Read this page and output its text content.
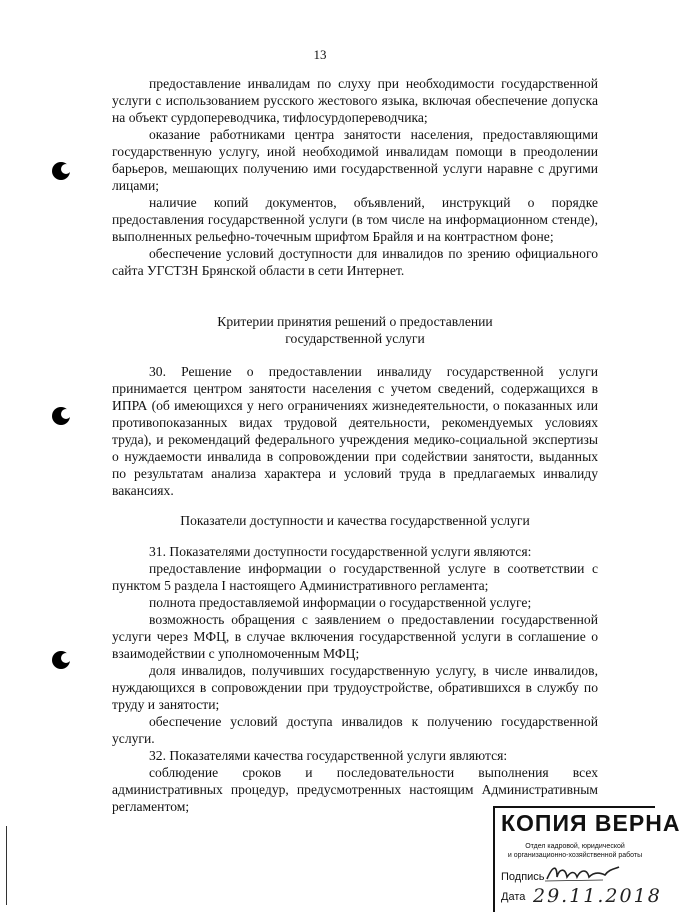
13

предоставление инвалидам по слуху при необходимости государственной услуги с использованием русского жестового языка, включая обеспечение допуска на объект сурдопереводчика, тифлосурдопереводчика;

оказание работниками центра занятости населения, предоставляющими государственную услугу, иной необходимой инвалидам помощи в преодолении барьеров, мешающих получению ими государственной услуги наравне с другими лицами;

наличие копий документов, объявлений, инструкций о порядке предоставления государственной услуги (в том числе на информационном стенде), выполненных рельефно-точечным шрифтом Брайля и на контрастном фоне;

обеспечение условий доступности для инвалидов по зрению официального сайта УГСТЗН Брянской области в сети Интернет.

Критерии принятия решений о предоставлении
государственной услуги

30. Решение о предоставлении инвалиду государственной услуги принимается центром занятости населения с учетом сведений, содержащихся в ИПРА (об имеющихся у него ограничениях жизнедеятельности, о показанных или противопоказанных видах трудовой деятельности, рекомендуемых условиях труда), и рекомендаций федерального учреждения медико-социальной экспертизы о нуждаемости инвалида в сопровождении при содействии занятости, выданных по результатам анализа характера и условий труда в предлагаемых инвалиду вакансиях.

Показатели доступности и качества государственной услуги

31. Показателями доступности государственной услуги являются:

предоставление информации о государственной услуге в соответствии с пунктом 5 раздела I настоящего Административного регламента;

полнота предоставляемой информации о государственной услуге;

возможность обращения с заявлением о предоставлении государственной услуги через МФЦ, в случае включения государственной услуги в соглашение о взаимодействии с уполномоченным МФЦ;

доля инвалидов, получивших государственную услугу, в числе инвалидов, нуждающихся в сопровождении при трудоустройстве, обратившихся в службу по труду и занятости;

обеспечение условий доступа инвалидов к получению государственной услуги.

32. Показателями качества государственной услуги являются:

соблюдение сроков и последовательности выполнения всех административных процедур, предусмотренных настоящим Административным регламентом;

КОПИЯ ВЕРНА
Отдел кадровой, юридической
и организационно-хозяйственной работы
Подпись
Дата 29.11.2018
